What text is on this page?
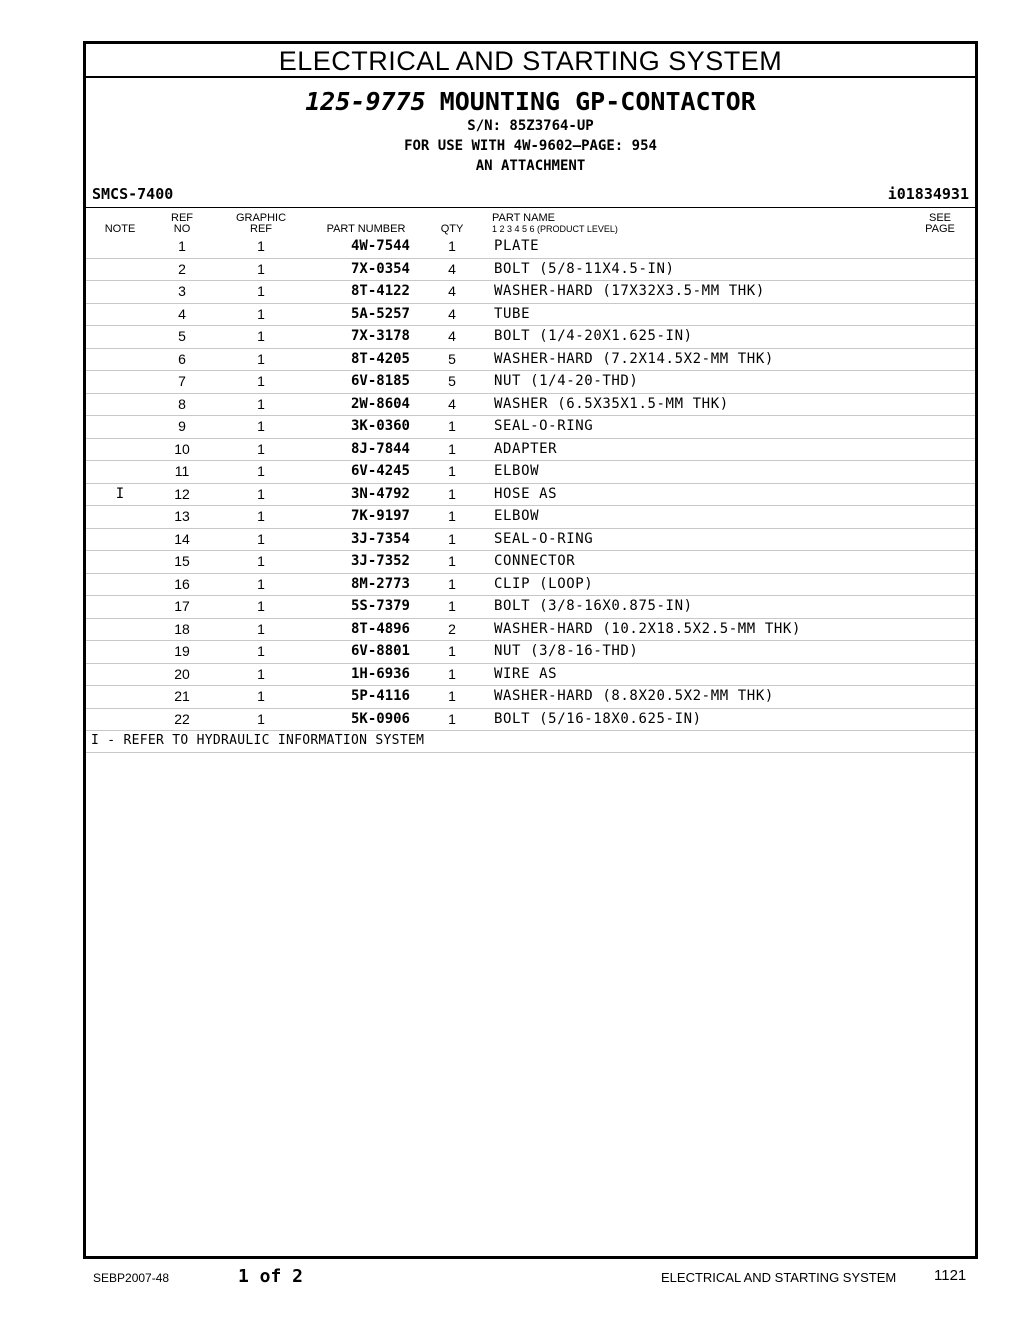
ELECTRICAL AND STARTING SYSTEM
125-9775 MOUNTING GP-CONTACTOR
S/N: 85Z3764-UP
FOR USE WITH 4W-9602—PAGE: 954
AN ATTACHMENT
SMCS-7400	i01834931
NOTE
REF
NO
GRAPHIC
REF	PART NUMBER	QTY
PART NAME
1 2 3 4 5 6 (PRODUCT LEVEL)
SEE
PAGE
1	1	4W-7544	1	PLATE
2	1	7X-0354	4	BOLT (5/8-11X4.5-IN)
3	1	8T-4122	4	WASHER-HARD (17X32X3.5-MM THK)
4	1	5A-5257	4	TUBE
5	1	7X-3178	4	BOLT (1/4-20X1.625-IN)
6	1	8T-4205	5	WASHER-HARD (7.2X14.5X2-MM THK)
7	1	6V-8185	5	NUT (1/4-20-THD)
8	1	2W-8604	4	WASHER (6.5X35X1.5-MM THK)
9	1	3K-0360	1	SEAL-O-RING
10	1	8J-7844	1	ADAPTER
11	1	6V-4245	1	ELBOW
I	12	1	3N-4792	1	HOSE AS
13	1	7K-9197	1	ELBOW
14	1	3J-7354	1	SEAL-O-RING
15	1	3J-7352	1	CONNECTOR
16	1	8M-2773	1	CLIP (LOOP)
17	1	5S-7379	1	BOLT (3/8-16X0.875-IN)
18	1	8T-4896	2	WASHER-HARD (10.2X18.5X2.5-MM THK)
19	1	6V-8801	1	NUT (3/8-16-THD)
20	1	1H-6936	1	WIRE AS
21	1	5P-4116	1	WASHER-HARD (8.8X20.5X2-MM THK)
22	1	5K-0906	1	BOLT (5/16-18X0.625-IN)
I - REFER TO HYDRAULIC INFORMATION SYSTEM
SEBP2007-48	1 of 2	ELECTRICAL AND STARTING SYSTEM	1121
